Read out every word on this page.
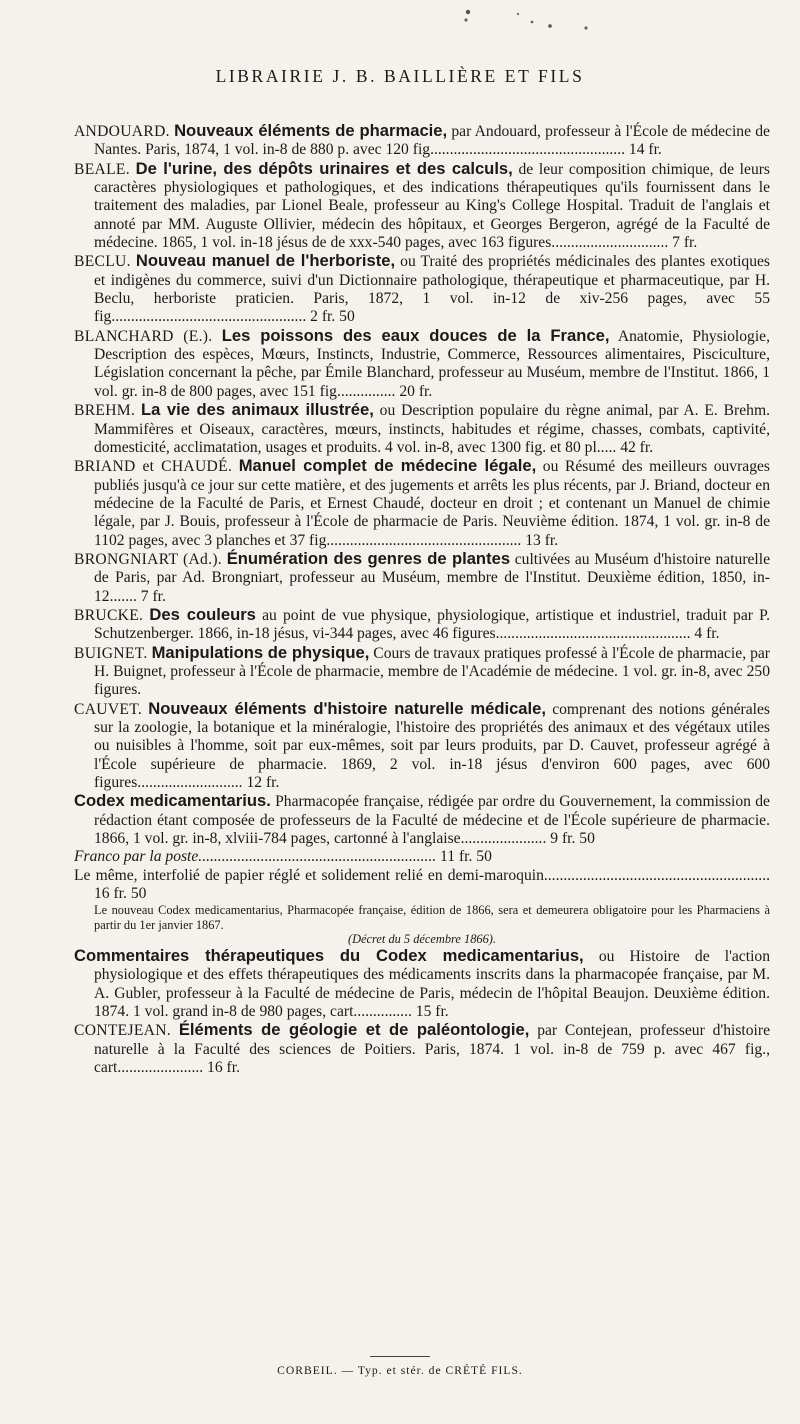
LIBRAIRIE J. B. BAILLIÈRE ET FILS

ANDOUARD. Nouveaux éléments de pharmacie, par Andouard, professeur à l'École de médecine de Nantes. Paris, 1874, 1 vol. in-8 de 880 p. avec 120 fig.................................................. 14 fr.

BEALE. De l'urine, des dépôts urinaires et des calculs, de leur composition chimique, de leurs caractères physiologiques et pathologiques, et des indications thérapeutiques qu'ils fournissent dans le traitement des maladies, par Lionel Beale, professeur au King's College Hospital. Traduit de l'anglais et annoté par MM. Auguste Ollivier, médecin des hôpitaux, et Georges Bergeron, agrégé de la Faculté de médecine. 1865, 1 vol. in-18 jésus de de xxx-540 pages, avec 163 figures.............................. 7 fr.

BECLU. Nouveau manuel de l'herboriste, ou Traité des propriétés médicinales des plantes exotiques et indigènes du commerce, suivi d'un Dictionnaire pathologique, thérapeutique et pharmaceutique, par H. Beclu, herboriste praticien. Paris, 1872, 1 vol. in-12 de xiv-256 pages, avec 55 fig.................................................. 2 fr. 50

BLANCHARD (E.). Les poissons des eaux douces de la France, Anatomie, Physiologie, Description des espèces, Mœurs, Instincts, Industrie, Commerce, Ressources alimentaires, Pisciculture, Législation concernant la pêche, par Émile Blanchard, professeur au Muséum, membre de l'Institut. 1866, 1 vol. gr. in-8 de 800 pages, avec 151 fig............... 20 fr.

BREHM. La vie des animaux illustrée, ou Description populaire du règne animal, par A. E. Brehm. Mammifères et Oiseaux, caractères, mœurs, instincts, habitudes et régime, chasses, combats, captivité, domesticité, acclimatation, usages et produits. 4 vol. in-8, avec 1300 fig. et 80 pl..... 42 fr.

BRIAND et CHAUDÉ. Manuel complet de médecine légale, ou Résumé des meilleurs ouvrages publiés jusqu'à ce jour sur cette matière, et des jugements et arrêts les plus récents, par J. Briand, docteur en médecine de la Faculté de Paris, et Ernest Chaudé, docteur en droit ; et contenant un Manuel de chimie légale, par J. Bouis, professeur à l'École de pharmacie de Paris. Neuvième édition. 1874, 1 vol. gr. in-8 de 1102 pages, avec 3 planches et 37 fig.................................................. 13 fr.

BRONGNIART (Ad.). Énumération des genres de plantes cultivées au Muséum d'histoire naturelle de Paris, par Ad. Brongniart, professeur au Muséum, membre de l'Institut. Deuxième édition, 1850, in-12....... 7 fr.

BRUCKE. Des couleurs au point de vue physique, physiologique, artistique et industriel, traduit par P. Schutzenberger. 1866, in-18 jésus, vi-344 pages, avec 46 figures.................................................. 4 fr.

BUIGNET. Manipulations de physique, Cours de travaux pratiques professé à l'École de pharmacie, par H. Buignet, professeur à l'École de pharmacie, membre de l'Académie de médecine. 1 vol. gr. in-8, avec 250 figures.

CAUVET. Nouveaux éléments d'histoire naturelle médicale, comprenant des notions générales sur la zoologie, la botanique et la minéralogie, l'histoire des propriétés des animaux et des végétaux utiles ou nuisibles à l'homme, soit par eux-mêmes, soit par leurs produits, par D. Cauvet, professeur agrégé à l'École supérieure de pharmacie. 1869, 2 vol. in-18 jésus d'environ 600 pages, avec 600 figures........................... 12 fr.

Codex medicamentarius. Pharmacopée française, rédigée par ordre du Gouvernement, la commission de rédaction étant composée de professeurs de la Faculté de médecine et de l'École supérieure de pharmacie. 1866, 1 vol. gr. in-8, xlviii-784 pages, cartonné à l'anglaise...................... 9 fr. 50

Franco par la poste............................................................. 11 fr. 50

Le même, interfolié de papier réglé et solidement relié en demi-maroquin.......................................................... 16 fr. 50

Le nouveau Codex medicamentarius, Pharmacopée française, édition de 1866, sera et demeurera obligatoire pour les Pharmaciens à partir du 1er janvier 1867.

(Décret du 5 décembre 1866).

Commentaires thérapeutiques du Codex medicamentarius, ou Histoire de l'action physiologique et des effets thérapeutiques des médicaments inscrits dans la pharmacopée française, par M. A. Gubler, professeur à la Faculté de médecine de Paris, médecin de l'hôpital Beaujon. Deuxième édition. 1874. 1 vol. grand in-8 de 980 pages, cart............... 15 fr.

CONTEJEAN. Éléments de géologie et de paléontologie, par Contejean, professeur d'histoire naturelle à la Faculté des sciences de Poitiers. Paris, 1874. 1 vol. in-8 de 759 p. avec 467 fig., cart...................... 16 fr.

CORBEIL. — Typ. et stér. de CRÉTÉ FILS.
